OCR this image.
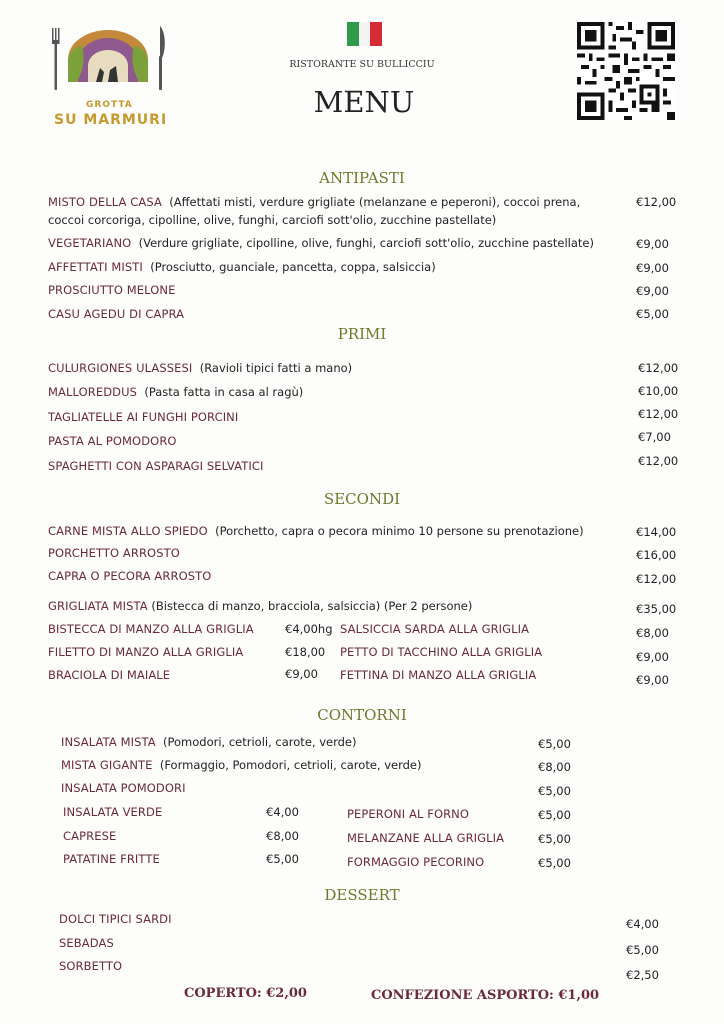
GROTTA
SU MARMURI
RISTORANTE SU BULLICCIU
MENU
ANTIPASTI
MISTO DELLA CASA (Affettati misti, verdure grigliate (melanzane e peperoni), coccoi prena,
coccoi corcoriga, cipolline, olive, funghi, carciofi sott'olio, zucchine pastellate)
€12,00
VEGETARIANO (Verdure grigliate, cipolline, olive, funghi, carciofi sott'olio, zucchine pastellate)	€9,00
AFFETTATI MISTI (Prosciutto, guanciale, pancetta, coppa, salsiccia)	€9,00
PROSCIUTTO MELONE	€9,00
CASU AGEDU DI CAPRA	€5,00
PRIMI
CULURGIONES ULASSESI (Ravioli tipici fatti a mano)	€12,00
MALLOREDDUS (Pasta fatta in casa al ragù)	€10,00
TAGLIATELLE AI FUNGHI PORCINI	€12,00
PASTA AL POMODORO	€7,00
SPAGHETTI CON ASPARAGI SELVATICI	€12,00
SECONDI
CARNE MISTA ALLO SPIEDO (Porchetto, capra o pecora minimo 10 persone su prenotazione)	€14,00
PORCHETTO ARROSTO	€16,00
CAPRA O PECORA ARROSTO	€12,00
GRIGLIATA MISTA (Bistecca di manzo, bracciola, salsiccia) (Per 2 persone)	€35,00
BISTECCA DI MANZO ALLA GRIGLIA	€4,00hg SALSICCIA SARDA ALLA GRIGLIA	€8,00
FILETTO DI MANZO ALLA GRIGLIA	€18,00 PETTO DI TACCHINO ALLA GRIGLIA	€9,00
BRACIOLA DI MAIALE	€9,00 FETTINA DI MANZO ALLA GRIGLIA	€9,00
CONTORNI
INSALATA MISTA (Pomodori, cetrioli, carote, verde)	€5,00
MISTA GIGANTE (Formaggio, Pomodori, cetrioli, carote, verde)	€8,00
INSALATA POMODORI	€5,00
INSALATA VERDE	€4,00	PEPERONI AL FORNO	€5,00
CAPRESE	€8,00	MELANZANE ALLA GRIGLIA	€5,00
PATATINE FRITTE	€5,00	FORMAGGIO PECORINO	€5,00
DESSERT
DOLCI TIPICI SARDI	€4,00
SEBADAS	€5,00
SORBETTO
€2,50
COPERTO: €2,00	CONFEZIONE ASPORTO: €1,00
